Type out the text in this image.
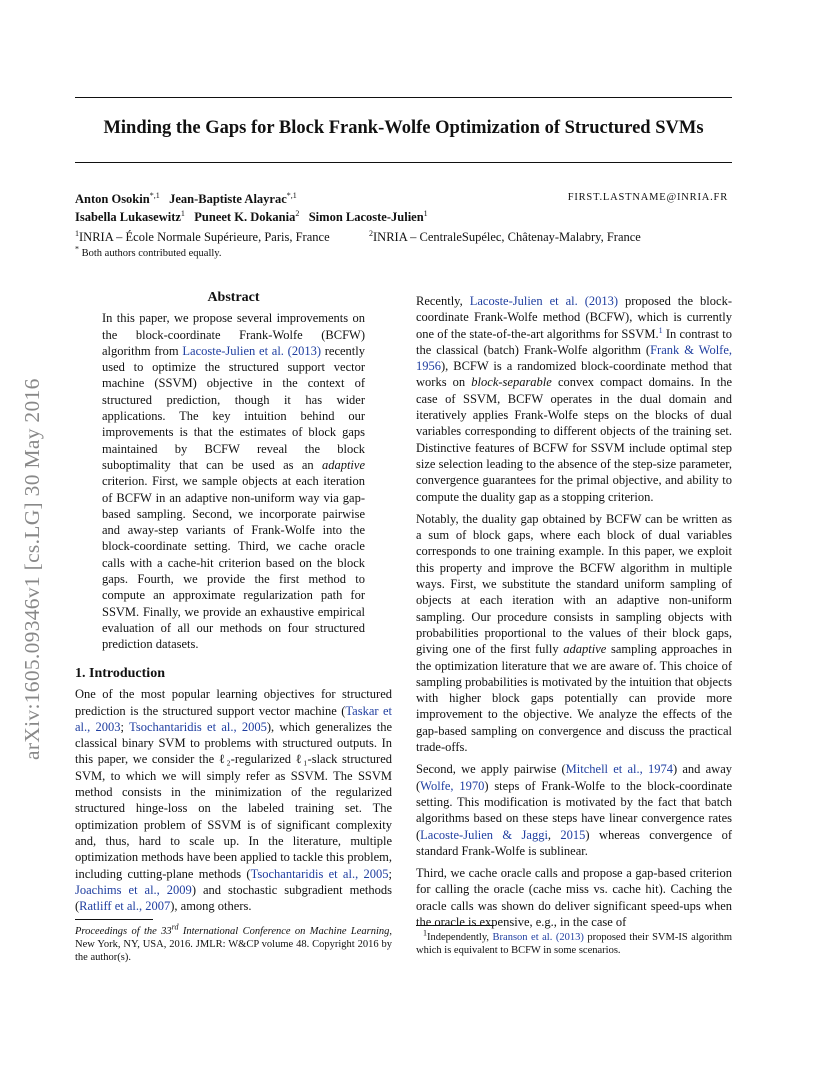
Minding the Gaps for Block Frank-Wolfe Optimization of Structured SVMs
Anton Osokin$^{*,1}$ Jean-Baptiste Alayrac$^{*,1}$	FIRST.LASTNAME@INRIA.FR
Isabella Lukasewitz$^1$ Puneet K. Dokania$^2$ Simon Lacoste-Julien$^1$
$^1$INRIA – École Normale Supérieure, Paris, France	$^2$INRIA – CentraleSupélec, Châtenay-Malabry, France
* Both authors contributed equally.
arXiv:1605.09346v1 [cs.LG] 30 May 2016
Abstract

In this paper, we propose several improvements on the block-coordinate Frank-Wolfe (BCFW) algorithm from Lacoste-Julien et al. (2013) recently used to optimize the structured support vector machine (SSVM) objective in the context of structured prediction, though it has wider applications. The key intuition behind our improvements is that the estimates of block gaps maintained by BCFW reveal the block suboptimality that can be used as an adaptive criterion. First, we sample objects at each iteration of BCFW in an adaptive non-uniform way via gap-based sampling. Second, we incorporate pairwise and away-step variants of Frank-Wolfe into the block-coordinate setting. Third, we cache oracle calls with a cache-hit criterion based on the block gaps. Fourth, we provide the first method to compute an approximate regularization path for SSVM. Finally, we provide an exhaustive empirical evaluation of all our methods on four structured prediction datasets.

1. Introduction

One of the most popular learning objectives for structured prediction is the structured support vector machine (Taskar et al., 2003; Tsochantaridis et al., 2005), which generalizes the classical binary SVM to problems with structured outputs. In this paper, we consider the ℓ₂-regularized ℓ₁-slack structured SVM, to which we will simply refer as SSVM. The SSVM method consists in the minimization of the regularized structured hinge-loss on the labeled training set. The optimization problem of SSVM is of significant complexity and, thus, hard to scale up. In the literature, multiple optimization methods have been applied to tackle this problem, including cutting-plane methods (Tsochantaridis et al., 2005; Joachims et al., 2009) and stochastic subgradient methods (Ratliff et al., 2007), among others.

Proceedings of the 33rd International Conference on Machine Learning, New York, NY, USA, 2016. JMLR: W&CP volume 48. Copyright 2016 by the author(s).

Recently, Lacoste-Julien et al. (2013) proposed the block-coordinate Frank-Wolfe method (BCFW), which is currently one of the state-of-the-art algorithms for SSVM.$^1$ In contrast to the classical (batch) Frank-Wolfe algorithm (Frank & Wolfe, 1956), BCFW is a randomized block-coordinate method that works on block-separable convex compact domains. In the case of SSVM, BCFW operates in the dual domain and iteratively applies Frank-Wolfe steps on the blocks of dual variables corresponding to different objects of the training set. Distinctive features of BCFW for SSVM include optimal step size selection leading to the absence of the step-size parameter, convergence guarantees for the primal objective, and ability to compute the duality gap as a stopping criterion.

Notably, the duality gap obtained by BCFW can be written as a sum of block gaps, where each block of dual variables corresponds to one training example. In this paper, we exploit this property and improve the BCFW algorithm in multiple ways. First, we substitute the standard uniform sampling of objects at each iteration with an adaptive non-uniform sampling. Our procedure consists in sampling objects with probabilities proportional to the values of their block gaps, giving one of the first fully adaptive sampling approaches in the optimization literature that we are aware of. This choice of sampling probabilities is motivated by the intuition that objects with higher block gaps potentially can provide more improvement to the objective. We analyze the effects of the gap-based sampling on convergence and discuss the practical trade-offs.

Second, we apply pairwise (Mitchell et al., 1974) and away (Wolfe, 1970) steps of Frank-Wolfe to the block-coordinate setting. This modification is motivated by the fact that batch algorithms based on these steps have linear convergence rates (Lacoste-Julien & Jaggi, 2015) whereas convergence of standard Frank-Wolfe is sublinear.

Third, we cache oracle calls and propose a gap-based criterion for calling the oracle (cache miss vs. cache hit). Caching the oracle calls was shown do deliver significant speed-ups when the oracle is expensive, e.g., in the case of

$^1$Independently, Branson et al. (2013) proposed their SVM-IS algorithm which is equivalent to BCFW in some scenarios.
